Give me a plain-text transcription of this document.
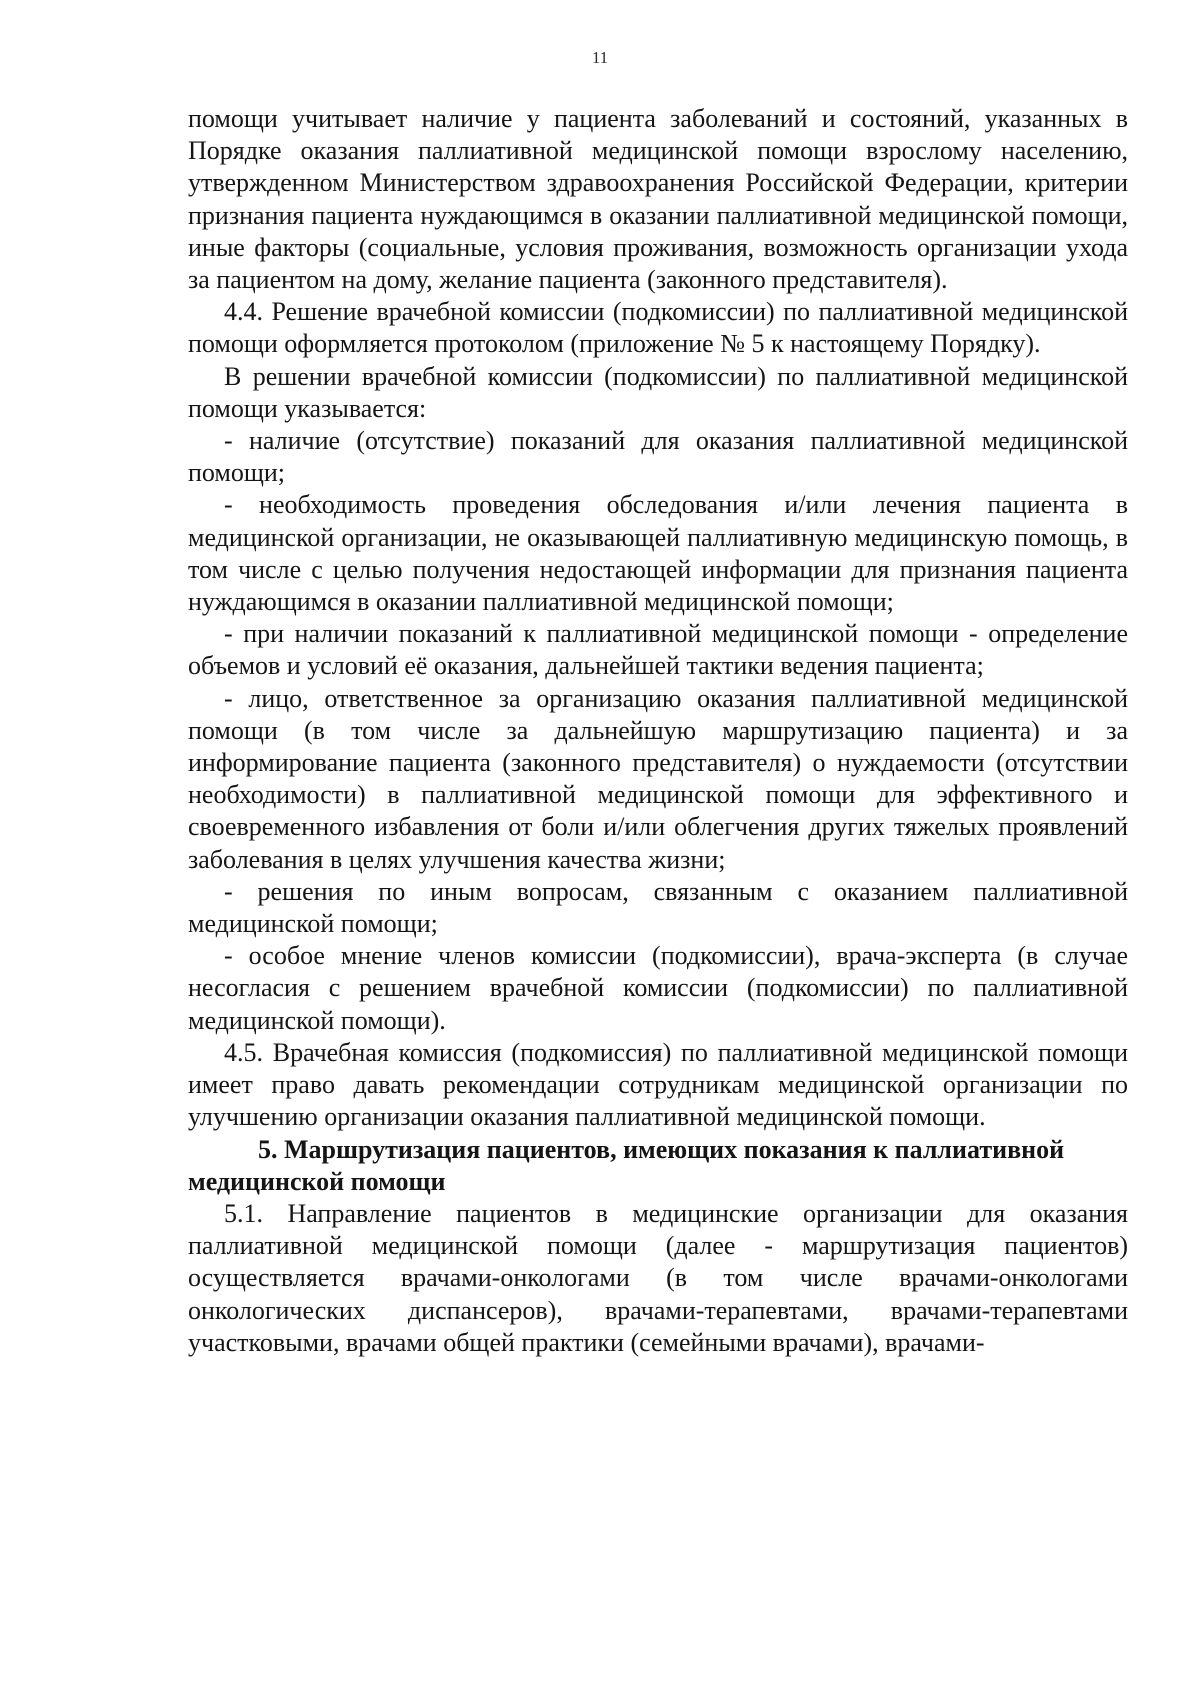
11

помощи учитывает наличие у пациента заболеваний и состояний, указанных в Порядке оказания паллиативной медицинской помощи взрослому населению, утвержденном Министерством здравоохранения Российской Федерации, критерии признания пациента нуждающимся в оказании паллиативной медицинской помощи, иные факторы (социальные, условия проживания, возможность организации ухода за пациентом на дому, желание пациента (законного представителя).

4.4. Решение врачебной комиссии (подкомиссии) по паллиативной медицинской помощи оформляется протоколом (приложение № 5 к настоящему Порядку).

В решении врачебной комиссии (подкомиссии) по паллиативной медицинской помощи указывается:

- наличие (отсутствие) показаний для оказания паллиативной медицинской помощи;

- необходимость проведения обследования и/или лечения пациента в медицинской организации, не оказывающей паллиативную медицинскую помощь, в том числе с целью получения недостающей информации для признания пациента нуждающимся в оказании паллиативной медицинской помощи;

- при наличии показаний к паллиативной медицинской помощи - определение объемов и условий её оказания, дальнейшей тактики ведения пациента;

- лицо, ответственное за организацию оказания паллиативной медицинской помощи (в том числе за дальнейшую маршрутизацию пациента) и за информирование пациента (законного представителя) о нуждаемости (отсутствии необходимости) в паллиативной медицинской помощи для эффективного и своевременного избавления от боли и/или облегчения других тяжелых проявлений заболевания в целях улучшения качества жизни;

- решения по иным вопросам, связанным с оказанием паллиативной медицинской помощи;

- особое мнение членов комиссии (подкомиссии), врача-эксперта (в случае несогласия с решением врачебной комиссии (подкомиссии) по паллиативной медицинской помощи).

4.5. Врачебная комиссия (подкомиссия) по паллиативной медицинской помощи имеет право давать рекомендации сотрудникам медицинской организации по улучшению организации оказания паллиативной медицинской помощи.

5. Маршрутизация пациентов, имеющих показания к паллиативной медицинской помощи

5.1. Направление пациентов в медицинские организации для оказания паллиативной медицинской помощи (далее - маршрутизация пациентов) осуществляется врачами-онкологами (в том числе врачами-онкологами онкологических диспансеров), врачами-терапевтами, врачами-терапевтами участковыми, врачами общей практики (семейными врачами), врачами-
